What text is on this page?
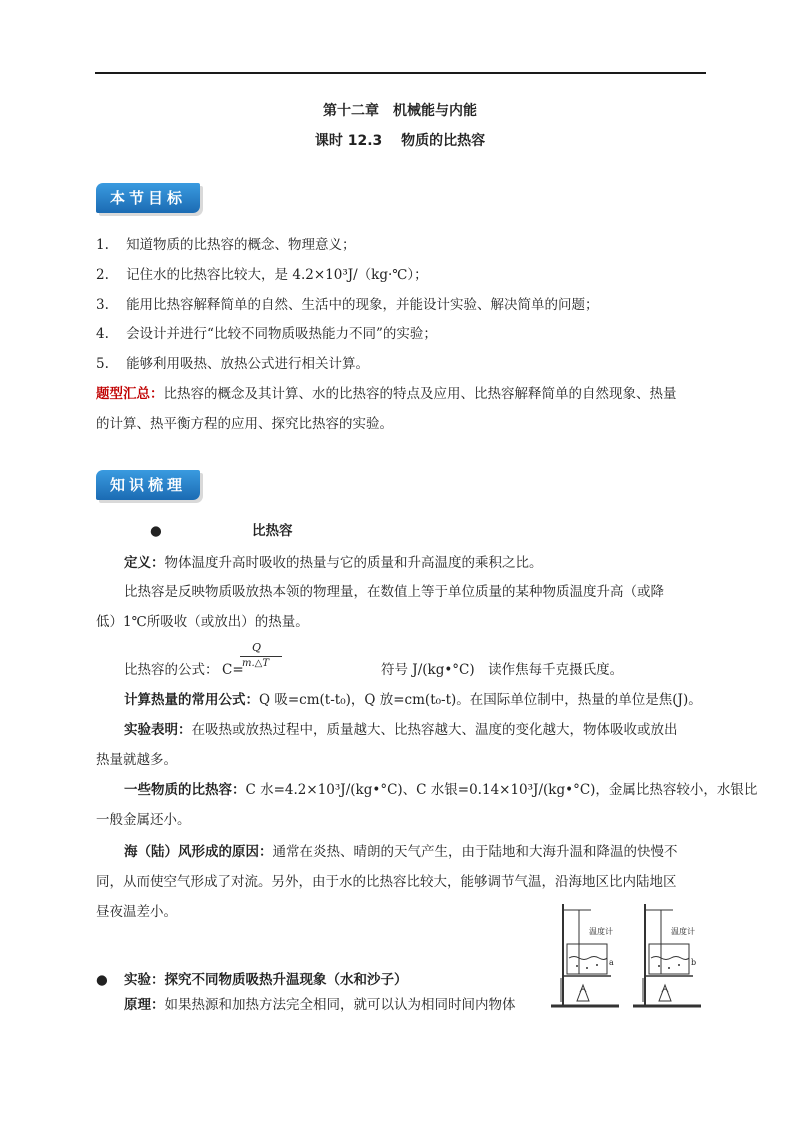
第十二章　机械能与内能
课时 12.3　 物质的比热容
本节目标
1. 知道物质的比热容的概念、物理意义；
2. 记住水的比热容比较大，是 4.2×10³J/（kg·℃）；
3. 能用比热容解释简单的自然、生活中的现象，并能设计实验、解决简单的问题；
4. 会设计并进行“比较不同物质吸热能力不同”的实验；
5. 能够利用吸热、放热公式进行相关计算。
题型汇总：比热容的概念及其计算、水的比热容的特点及应用、比热容解释简单的自然现象、热量
的计算、热平衡方程的应用、探究比热容的实验。
知识梳理
●	比热容
定义：物体温度升高时吸收的热量与它的质量和升高温度的乘积之比。
比热容是反映物质吸放热本领的物理量，在数值上等于单位质量的某种物质温度升高（或降
低）1℃所吸收（或放出）的热量。
比热容的公式： C=
Q
m.△T	符号 J/(kg•°C)　读作焦每千克摄氏度。
计算热量的常用公式：Q 吸=cm(t-t₀)，Q 放=cm(t₀-t)。在国际单位制中，热量的单位是焦(J)。
实验表明：在吸热或放热过程中，质量越大、比热容越大、温度的变化越大，物体吸收或放出
热量就越多。
一些物质的比热容：C 水=4.2×10³J/(kg•°C)、C 水银=0.14×10³J/(kg•°C)，金属比热容较小，水银比
一般金属还小。
海（陆）风形成的原因：通常在炎热、晴朗的天气产生，由于陆地和大海升温和降温的快慢不
同，从而使空气形成了对流。另外，由于水的比热容比较大，能够调节气温，沿海地区比内陆地区
昼夜温差小。
● 实验：探究不同物质吸热升温现象（水和沙子）
原理：如果热源和加热方法完全相同，就可以认为相同时间内物体
温度计	温度计
a	b
